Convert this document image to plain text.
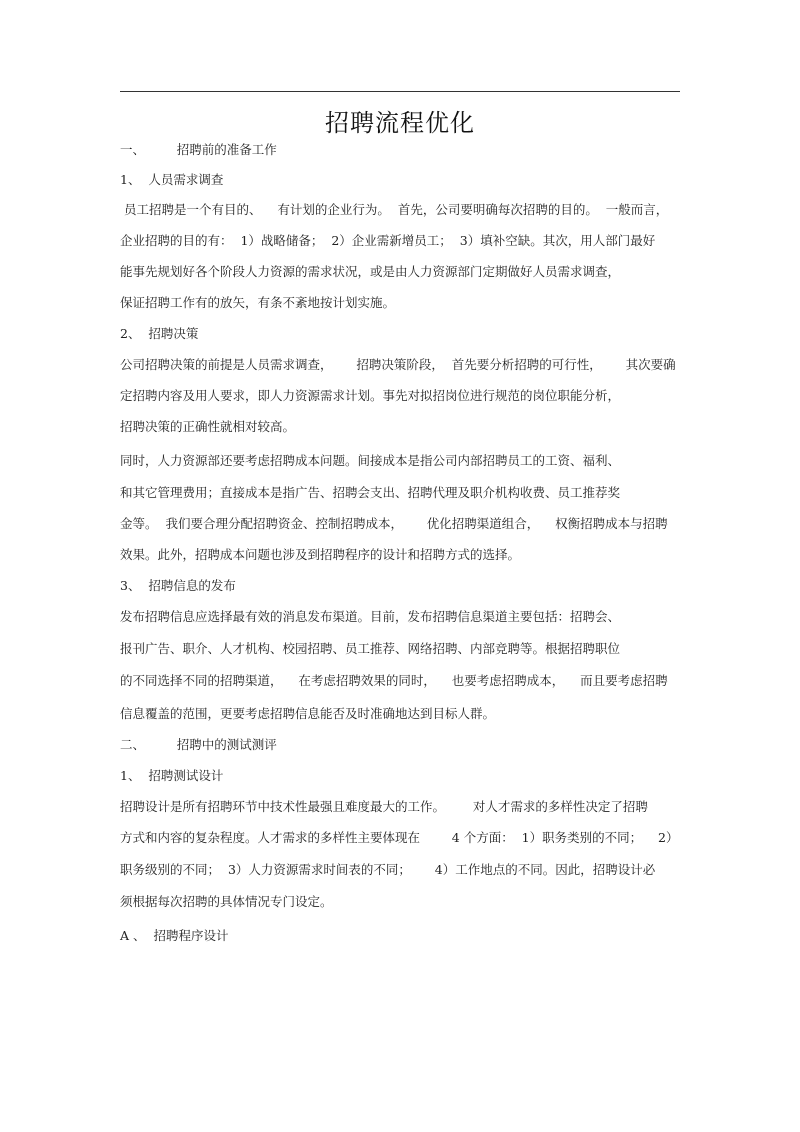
招聘流程优化
一、        招聘前的准备工作
1、  人员需求调查
员工招聘是一个有目的、    有计划的企业行为。  首先，公司要明确每次招聘的目的。  一般而言，
企业招聘的目的有：  1）战略储备；  2）企业需新增员工；  3）填补空缺。其次，用人部门最好
能事先规划好各个阶段人力资源的需求状况，或是由人力资源部门定期做好人员需求调查，
保证招聘工作有的放矢，有条不紊地按计划实施。
2、  招聘决策
公司招聘决策的前提是人员需求调查，      招聘决策阶段，  首先要分析招聘的可行性，      其次要确
定招聘内容及用人要求，即人力资源需求计划。事先对拟招岗位进行规范的岗位职能分析，
招聘决策的正确性就相对较高。
同时，人力资源部还要考虑招聘成本问题。间接成本是指公司内部招聘员工的工资、福利、
和其它管理费用；直接成本是指广告、招聘会支出、招聘代理及职介机构收费、员工推荐奖
金等。  我们要合理分配招聘资金、控制招聘成本，      优化招聘渠道组合，    权衡招聘成本与招聘
效果。此外，招聘成本问题也涉及到招聘程序的设计和招聘方式的选择。
3、  招聘信息的发布
发布招聘信息应选择最有效的消息发布渠道。目前，发布招聘信息渠道主要包括：招聘会、
报刊广告、职介、人才机构、校园招聘、员工推荐、网络招聘、内部竞聘等。根据招聘职位
的不同选择不同的招聘渠道，    在考虑招聘效果的同时，    也要考虑招聘成本，    而且要考虑招聘
信息覆盖的范围，更要考虑招聘信息能否及时准确地达到目标人群。
二、        招聘中的测试测评
1、  招聘测试设计
招聘设计是所有招聘环节中技术性最强且难度最大的工作。       对人才需求的多样性决定了招聘
方式和内容的复杂程度。人才需求的多样性主要体现在        4 个方面：  1）职务类别的不同；    2）
职务级别的不同；  3）人力资源需求时间表的不同；      4）工作地点的不同。因此，招聘设计必
须根据每次招聘的具体情况专门设定。
A 、  招聘程序设计
